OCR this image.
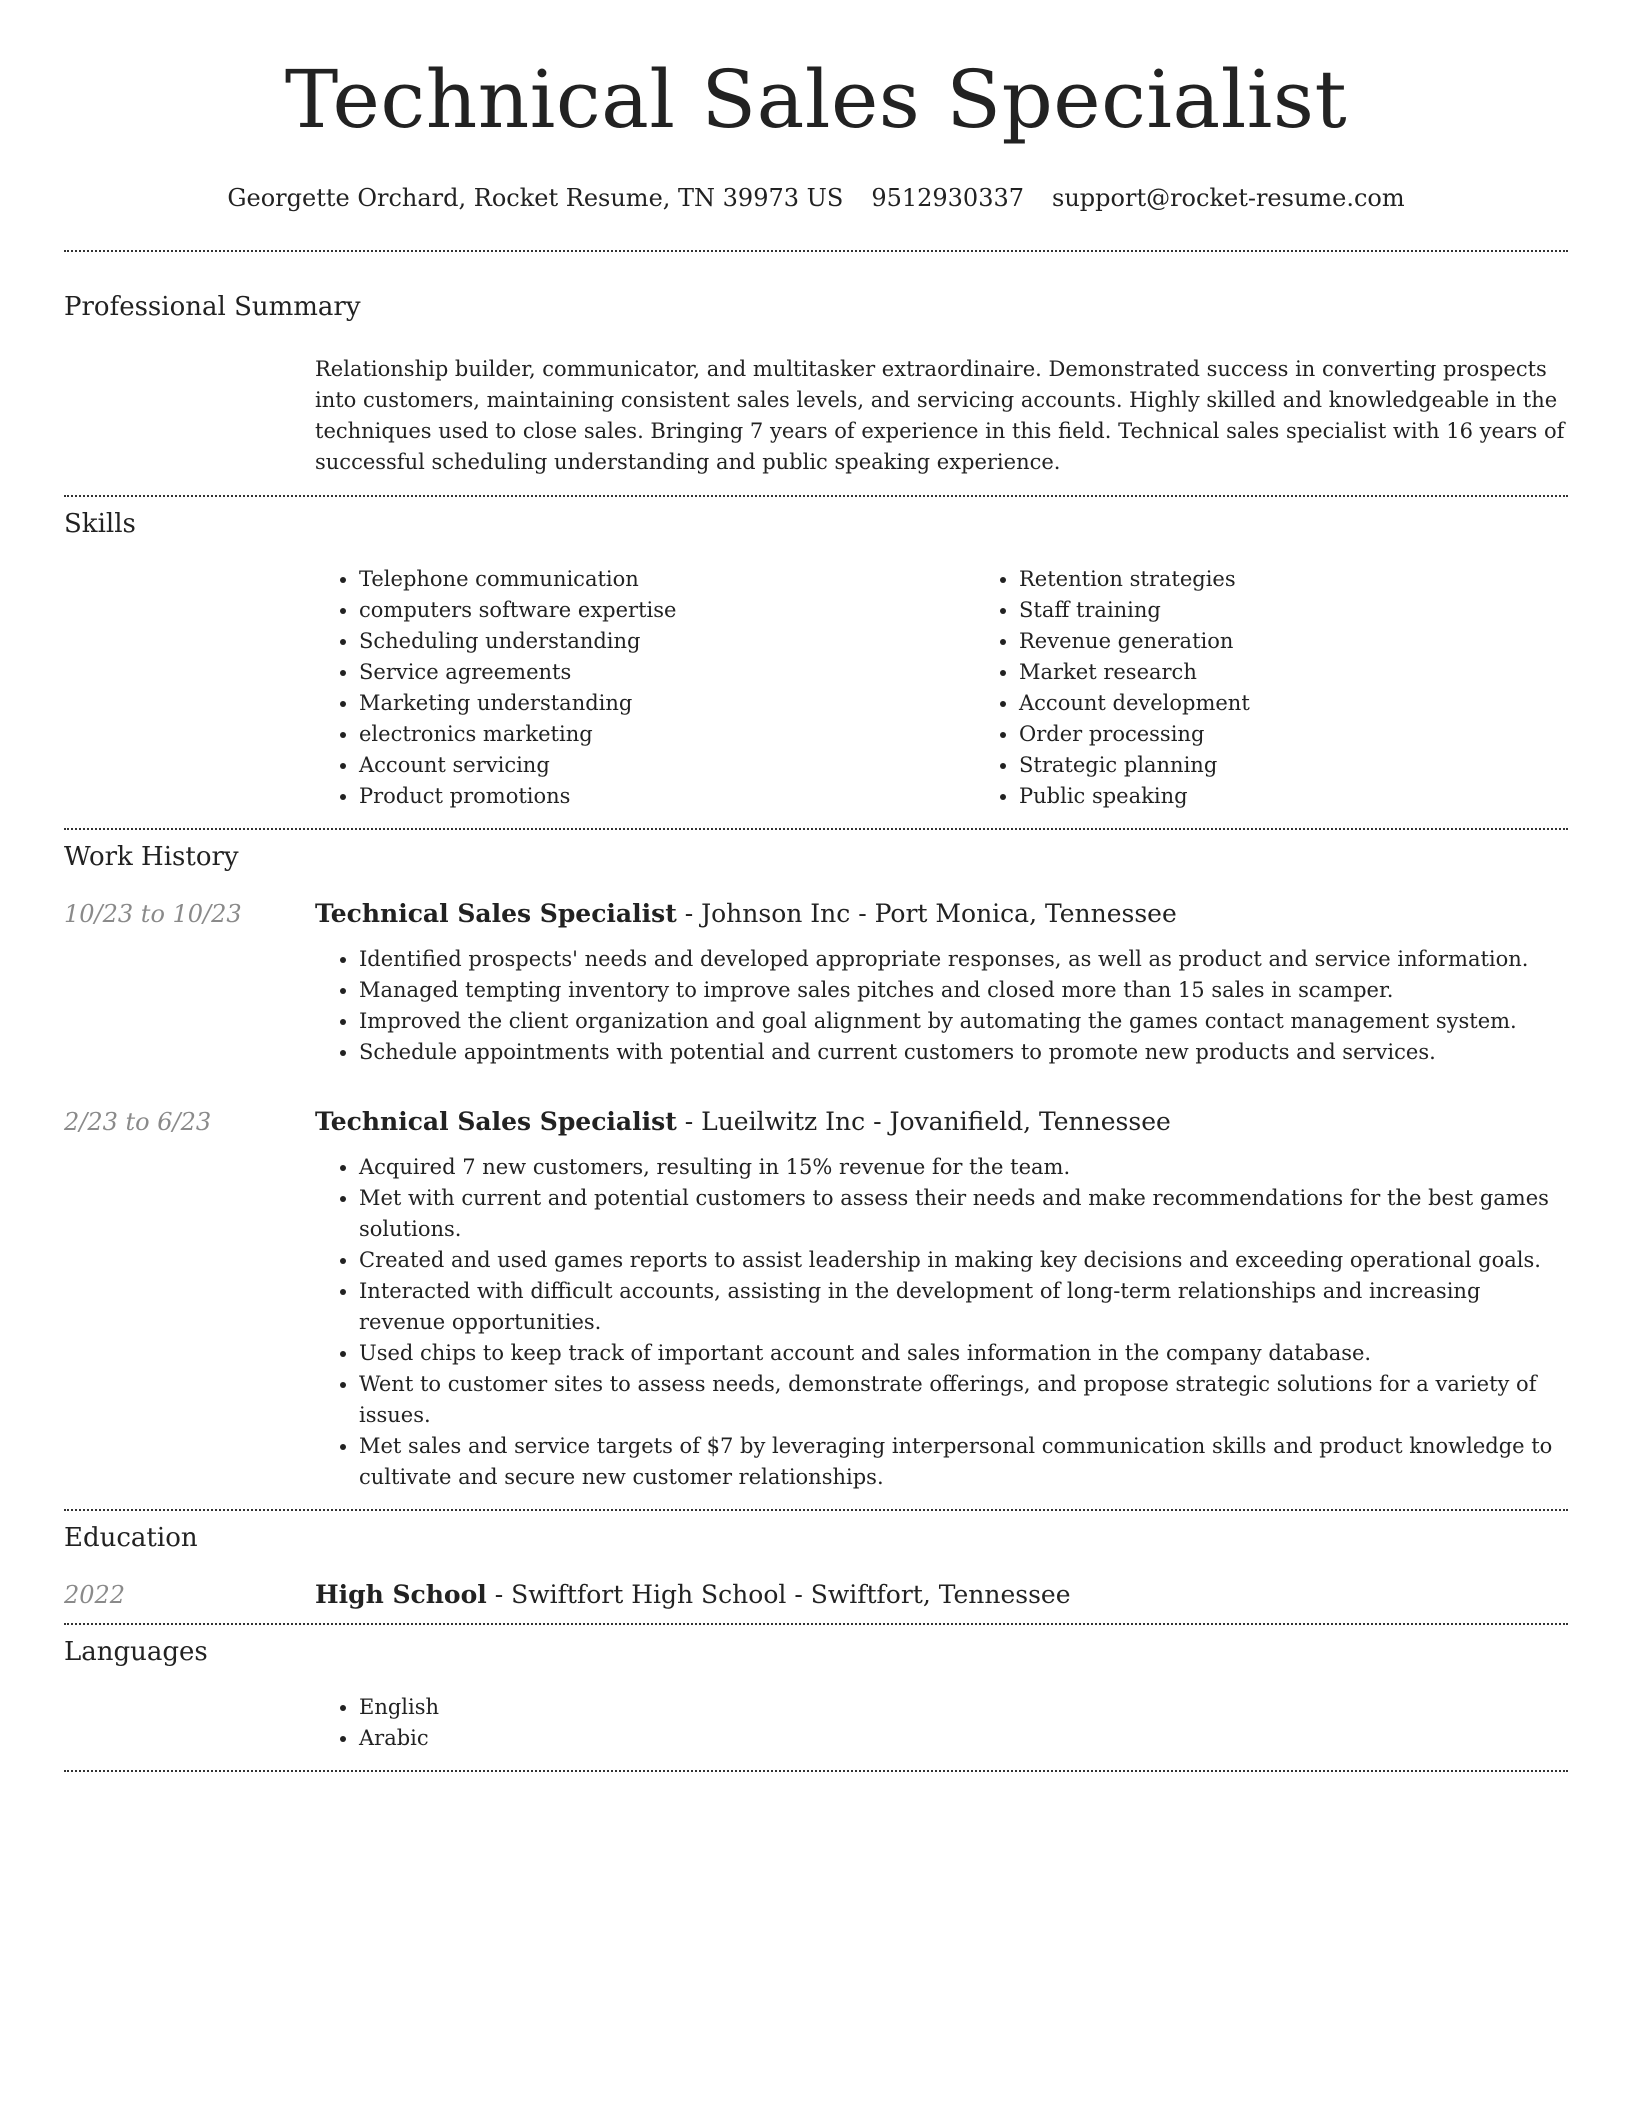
Technical Sales Specialist
Georgette Orchard, Rocket Resume, TN 39973 US 9512930337 support@rocket-resume.com
Professional Summary

Relationship builder, communicator, and multitasker extraordinaire. Demonstrated success in converting prospects into customers, maintaining consistent sales levels, and servicing accounts. Highly skilled and knowledgeable in the techniques used to close sales. Bringing 7 years of experience in this field. Technical sales specialist with 16 years of successful scheduling understanding and public speaking experience.

Skills
• Telephone communication
• computers software expertise
• Scheduling understanding
• Service agreements
• Marketing understanding
• electronics marketing
• Account servicing
• Product promotions
• Retention strategies
• Staff training
• Revenue generation
• Market research
• Account development
• Order processing
• Strategic planning
• Public speaking
Work History
10/23 to 10/23	Technical Sales Specialist - Johnson Inc - Port Monica, Tennessee

• Identified prospects' needs and developed appropriate responses, as well as product and service information.
• Managed tempting inventory to improve sales pitches and closed more than 15 sales in scamper.
• Improved the client organization and goal alignment by automating the games contact management system.
• Schedule appointments with potential and current customers to promote new products and services.
2/23 to 6/23	Technical Sales Specialist - Lueilwitz Inc - Jovanifield, Tennessee

• Acquired 7 new customers, resulting in 15% revenue for the team.
• Met with current and potential customers to assess their needs and make recommendations for the best games solutions.
• Created and used games reports to assist leadership in making key decisions and exceeding operational goals.
• Interacted with difficult accounts, assisting in the development of long-term relationships and increasing revenue opportunities.
• Used chips to keep track of important account and sales information in the company database.
• Went to customer sites to assess needs, demonstrate offerings, and propose strategic solutions for a variety of issues.
• Met sales and service targets of $7 by leveraging interpersonal communication skills and product knowledge to cultivate and secure new customer relationships.
Education
2022	High School - Swiftfort High School - Swiftfort, Tennessee

Languages
• English
• Arabic
